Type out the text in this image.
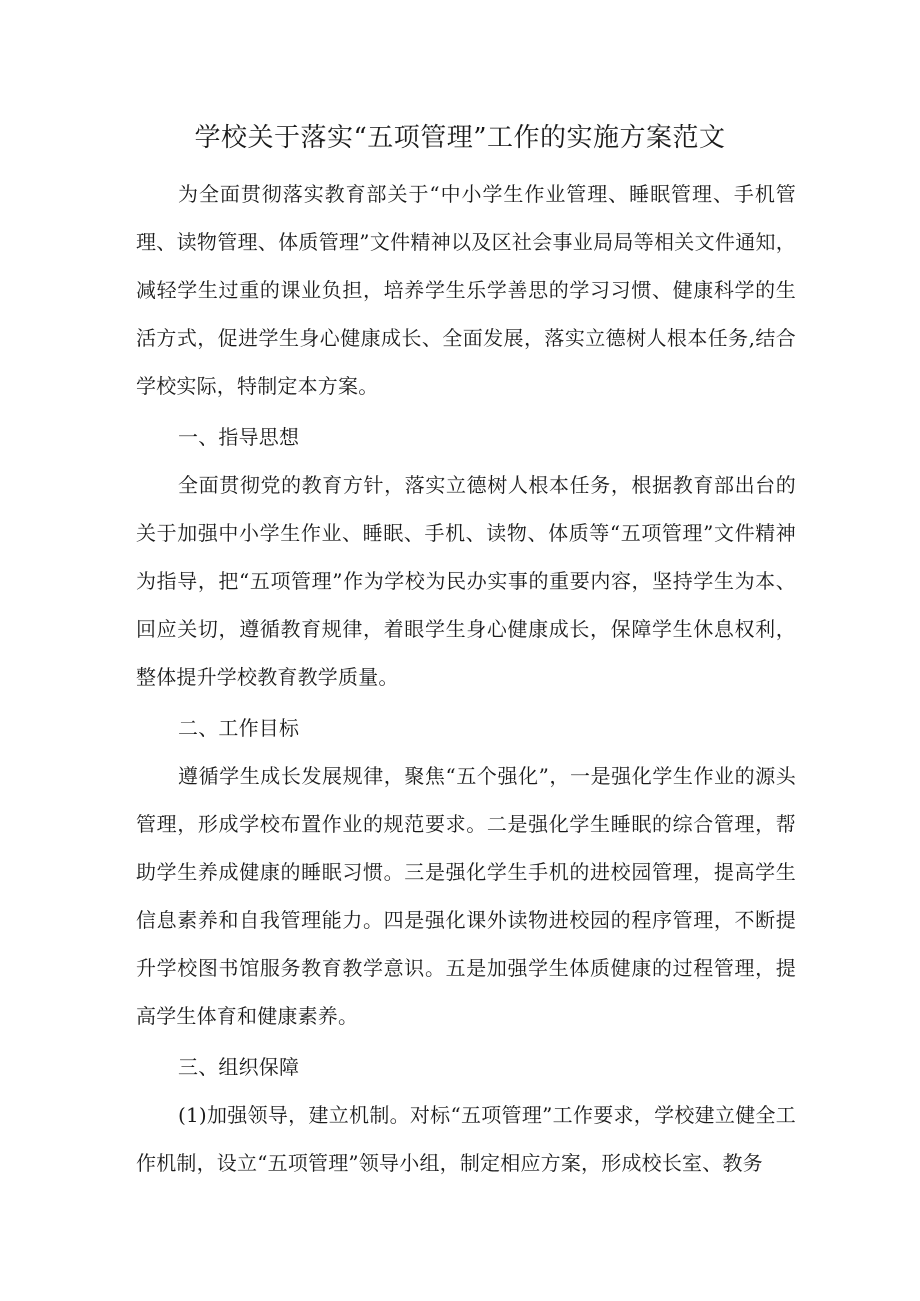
学校关于落实“五项管理”工作的实施方案范文

为全面贯彻落实教育部关于“中小学生作业管理、睡眠管理、手机管理、读物管理、体质管理”文件精神以及区社会事业局局等相关文件通知，减轻学生过重的课业负担，培养学生乐学善思的学习习惯、健康科学的生活方式，促进学生身心健康成长、全面发展，落实立德树人根本任务,结合学校实际，特制定本方案。

一、指导思想

全面贯彻党的教育方针，落实立德树人根本任务，根据教育部出台的关于加强中小学生作业、睡眠、手机、读物、体质等“五项管理”文件精神为指导，把“五项管理”作为学校为民办实事的重要内容，坚持学生为本、回应关切，遵循教育规律，着眼学生身心健康成长，保障学生休息权利，整体提升学校教育教学质量。

二、工作目标

遵循学生成长发展规律，聚焦“五个强化”，一是强化学生作业的源头管理，形成学校布置作业的规范要求。二是强化学生睡眠的综合管理，帮助学生养成健康的睡眠习惯。三是强化学生手机的进校园管理，提高学生信息素养和自我管理能力。四是强化课外读物进校园的程序管理，不断提升学校图书馆服务教育教学意识。五是加强学生体质健康的过程管理，提高学生体育和健康素养。

三、组织保障

(1)加强领导，建立机制。对标“五项管理”工作要求，学校建立健全工作机制，设立“五项管理”领导小组，制定相应方案，形成校长室、教务
